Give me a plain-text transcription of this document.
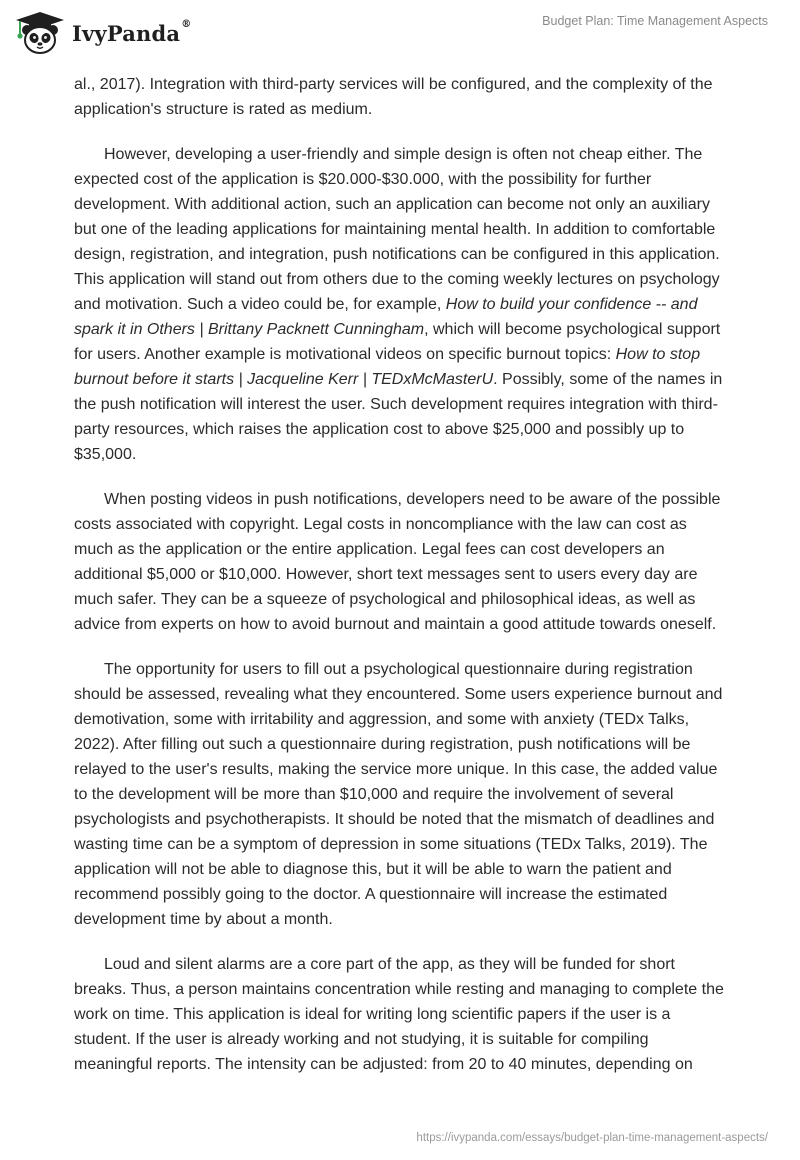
IvyPanda®	Budget Plan: Time Management Aspects

al., 2017). Integration with third-party services will be configured, and the complexity of the application's structure is rated as medium.

However, developing a user-friendly and simple design is often not cheap either. The expected cost of the application is $20.000-$30.000, with the possibility for further development. With additional action, such an application can become not only an auxiliary but one of the leading applications for maintaining mental health. In addition to comfortable design, registration, and integration, push notifications can be configured in this application. This application will stand out from others due to the coming weekly lectures on psychology and motivation. Such a video could be, for example, How to build your confidence -- and spark it in Others | Brittany Packnett Cunningham, which will become psychological support for users. Another example is motivational videos on specific burnout topics: How to stop burnout before it starts | Jacqueline Kerr | TEDxMcMasterU. Possibly, some of the names in the push notification will interest the user. Such development requires integration with third-party resources, which raises the application cost to above $25,000 and possibly up to $35,000.

When posting videos in push notifications, developers need to be aware of the possible costs associated with copyright. Legal costs in noncompliance with the law can cost as much as the application or the entire application. Legal fees can cost developers an additional $5,000 or $10,000. However, short text messages sent to users every day are much safer. They can be a squeeze of psychological and philosophical ideas, as well as advice from experts on how to avoid burnout and maintain a good attitude towards oneself.

The opportunity for users to fill out a psychological questionnaire during registration should be assessed, revealing what they encountered. Some users experience burnout and demotivation, some with irritability and aggression, and some with anxiety (TEDx Talks, 2022). After filling out such a questionnaire during registration, push notifications will be relayed to the user's results, making the service more unique. In this case, the added value to the development will be more than $10,000 and require the involvement of several psychologists and psychotherapists. It should be noted that the mismatch of deadlines and wasting time can be a symptom of depression in some situations (TEDx Talks, 2019). The application will not be able to diagnose this, but it will be able to warn the patient and recommend possibly going to the doctor. A questionnaire will increase the estimated development time by about a month.

Loud and silent alarms are a core part of the app, as they will be funded for short breaks. Thus, a person maintains concentration while resting and managing to complete the work on time. This application is ideal for writing long scientific papers if the user is a student. If the user is already working and not studying, it is suitable for compiling meaningful reports. The intensity can be adjusted: from 20 to 40 minutes, depending on

https://ivypanda.com/essays/budget-plan-time-management-aspects/
